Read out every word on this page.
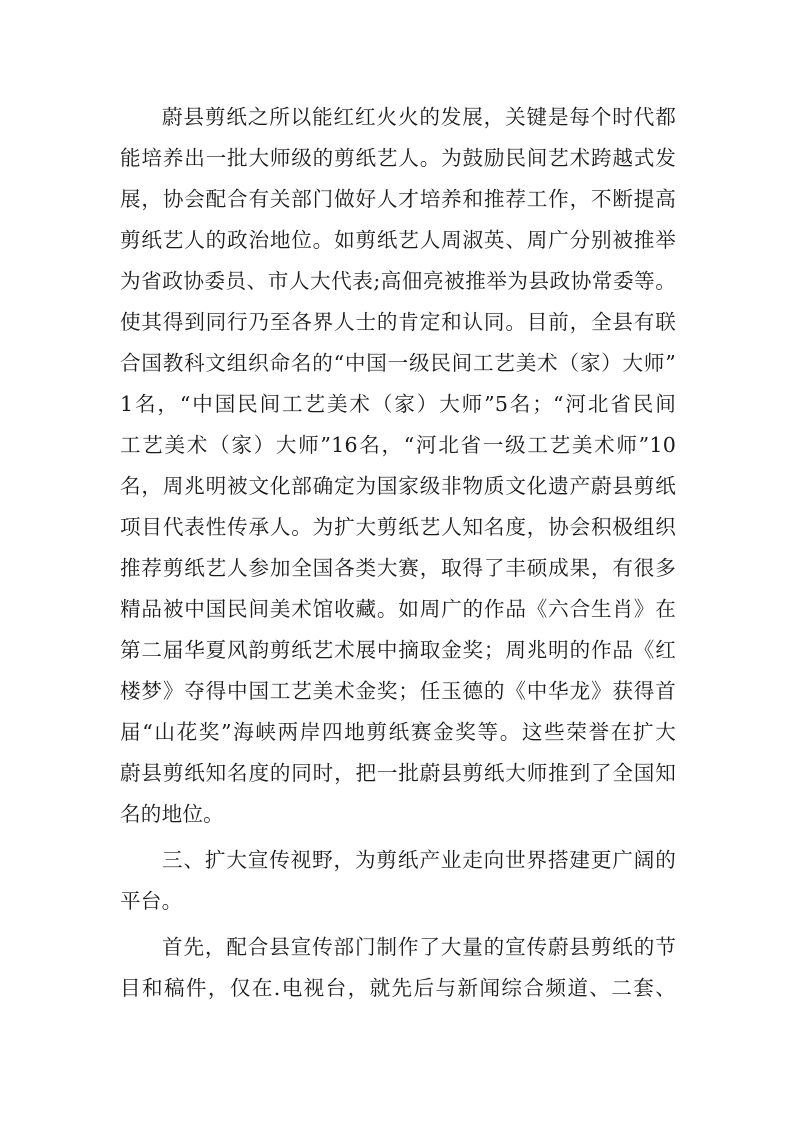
蔚县剪纸之所以能红红火火的发展，关键是每个时代都
能培养出一批大师级的剪纸艺人。为鼓励民间艺术跨越式发
展，协会配合有关部门做好人才培养和推荐工作，不断提高
剪纸艺人的政治地位。如剪纸艺人周淑英、周广分别被推举
为省政协委员、市人大代表;高佃亮被推举为县政协常委等。
使其得到同行乃至各界人士的肯定和认同。目前，全县有联
合国教科文组织命名的“中国一级民间工艺美术（家）大师”
1名，“中国民间工艺美术（家）大师”5名；“河北省民间
工艺美术（家）大师”16名，“河北省一级工艺美术师”10
名，周兆明被文化部确定为国家级非物质文化遗产蔚县剪纸
项目代表性传承人。为扩大剪纸艺人知名度，协会积极组织
推荐剪纸艺人参加全国各类大赛，取得了丰硕成果，有很多
精品被中国民间美术馆收藏。如周广的作品《六合生肖》在
第二届华夏风韵剪纸艺术展中摘取金奖；周兆明的作品《红
楼梦》夺得中国工艺美术金奖；任玉德的《中华龙》获得首
届“山花奖”海峡两岸四地剪纸赛金奖等。这些荣誉在扩大
蔚县剪纸知名度的同时，把一批蔚县剪纸大师推到了全国知
名的地位。
三、扩大宣传视野，为剪纸产业走向世界搭建更广阔的
平台。
首先，配合县宣传部门制作了大量的宣传蔚县剪纸的节
目和稿件，仅在.电视台，就先后与新闻综合频道、二套、
